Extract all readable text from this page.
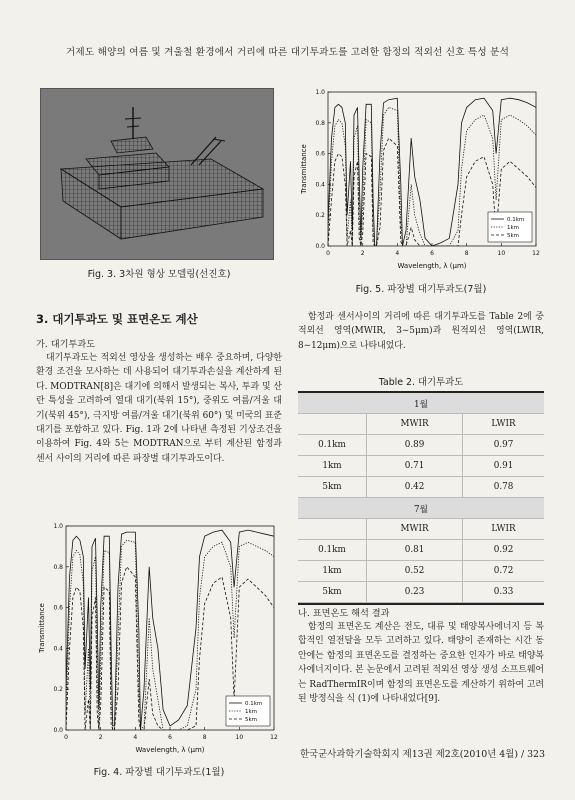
거제도 해양의 여름 및 겨울철 환경에서 거리에 따른 대기투과도를 고려한 함정의 적외선 신호 특성 분석
Fig. 3. 3차원 형상 모델링(선진호)
0	2	4	6	8	10	12
0.0
0.2
0.4
0.6
0.8
1.0
Wavelength, λ (μm)
Transmittance
0.1km
1km
5km
Fig. 5. 파장별 대기투과도(7월)
3. 대기투과도 및 표면온도 계산
가. 대기투과도

대기투과도는 적외선 영상을 생성하는 배우 중요하며, 다양한 환경 조건을 모사하는 데 사용되어 대기투과손실을 계산하게 된다. MODTRAN[8]은 대기에 의해서 발생되는 복사, 투과 및 산란 특성을 고려하여 열대 대기(북위 15°), 중위도 여름/겨울 대기(북위 45°), 극지방 여름/겨울 대기(북위 60°) 및 미국의 표준 대기를 포함하고 있다. Fig. 1과 2에 나타낸 측정된 기상조건을 이용하여 Fig. 4와 5는 MODTRAN으로 부터 계산된 함정과 센서 사이의 거리에 따른 파장별 대기투과도이다.

함정과 센서사이의 거리에 따른 대기투과도를 Table 2에 중적외선 영역(MWIR, 3∼5μm)과 원적외선 영역(LWIR, 8∼12μm)으로 나타내었다.

Table 2. 대기투과도
1월		
	MWIR	LWIR
0.1km	0.89	0.97
1km	0.71	0.91
5km	0.42	0.78
7월		
	MWIR	LWIR
0.1km	0.81	0.92
1km	0.52	0.72
5km	0.23	0.33
0	2	4	6	8	10	12
0.0
0.2
0.4
0.6
0.8
1.0
Wavelength, λ (μm)
Transmittance
0.1km
1km
5km
Fig. 4. 파장별 대기투과도(1월)
나. 표면온도 해석 결과

함정의 표면온도 계산은 전도, 대류 및 태양복사에너지 등 복합적인 열전달을 모두 고려하고 있다. 태양이 존재하는 시간 동안에는 함정의 표면온도를 결정하는 중요한 인자가 바로 태양복사에너지이다. 본 논문에서 고려된 적외선 영상 생성 소프트웨어는 RadThermIR이며 함정의 표면온도를 계산하기 위하여 고려된 방정식을 식 (1)에 나타내었다[9].

한국군사과학기술학회지 제13권 제2호(2010년 4월) / 323
